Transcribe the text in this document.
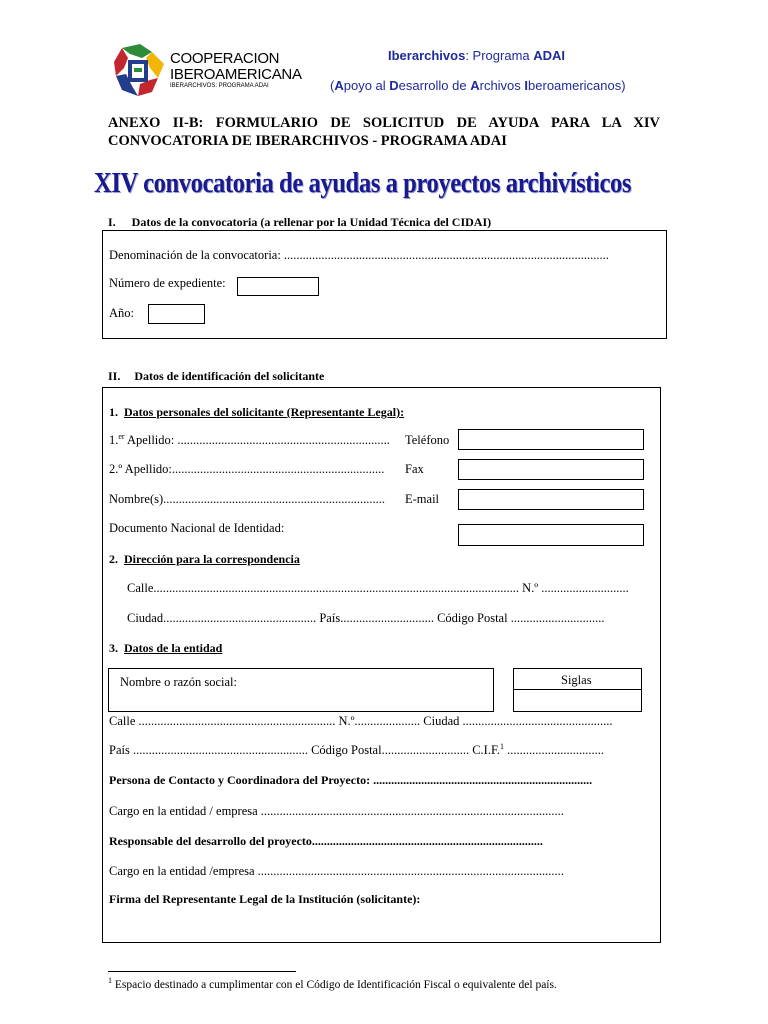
COOPERACION
IBEROAMERICANA
IBERARCHIVOS: PROGRAMA ADAI
Iberarchivos: Programa ADAI
(Apoyo al Desarrollo de Archivos Iberoamericanos)
ANEXO II-B: FORMULARIO DE SOLICITUD DE AYUDA PARA LA XIV CONVOCATORIA DE IBERARCHIVOS - PROGRAMA ADAI
XIV convocatoria de ayudas a proyectos archivísticos
I. Datos de la convocatoria (a rellenar por la Unidad Técnica del CIDAI)
Denominación de la convocatoria: ........................................................................................................
Número de expediente:
Año:
II. Datos de identificación del solicitante
1. Datos personales del solicitante (Representante Legal):
1.$^{er}$ Apellido: .................................................................... Teléfono
2.º Apellido:.................................................................... Fax
Nombre(s)....................................................................... E-mail
Documento Nacional de Identidad:
2. Dirección para la correspondencia
Calle..................................................................................................................... N.º ............................
Ciudad................................................. País.............................. Código Postal ..............................
3. Datos de la entidad
Nombre o razón social:	Siglas
Calle ............................................................... N.º..................... Ciudad ................................................
País ........................................................ Código Postal............................ C.I.F.$^1$ ...............................
Persona de Contacto y Coordinadora del Proyecto: .........................................................................
Cargo en la entidad / empresa .................................................................................................
Responsable del desarrollo del proyecto.............................................................................
Cargo en la entidad /empresa ..................................................................................................
Firma del Representante Legal de la Institución (solicitante):
$^1$ Espacio destinado a cumplimentar con el Código de Identificación Fiscal o equivalente del país.
